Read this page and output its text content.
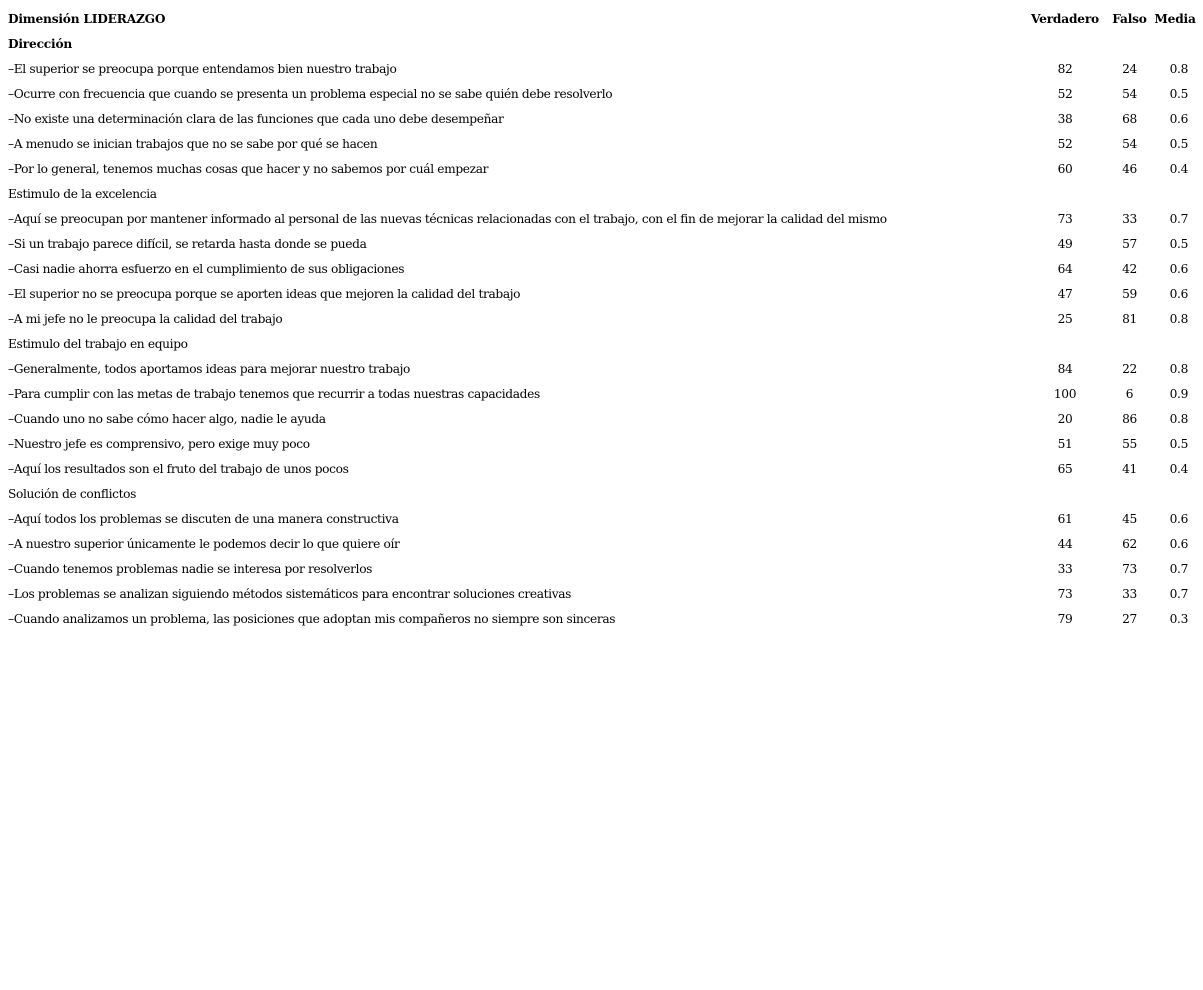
Dimensión LIDERAZGO	Verdadero	Falso	Media
Dirección			
–El superior se preocupa porque entendamos bien nuestro trabajo	82	24	0.8
–Ocurre con frecuencia que cuando se presenta un problema especial no se sabe quién debe resolverlo	52	54	0.5
–No existe una determinación clara de las funciones que cada uno debe desempeñar	38	68	0.6
–A menudo se inician trabajos que no se sabe por qué se hacen	52	54	0.5
–Por lo general, tenemos muchas cosas que hacer y no sabemos por cuál empezar	60	46	0.4
Estimulo de la excelencia			
–Aquí se preocupan por mantener informado al personal de las nuevas técnicas relacionadas con el trabajo, con el fin de mejorar la calidad del mismo	73	33	0.7
–Si un trabajo parece difícil, se retarda hasta donde se pueda	49	57	0.5
–Casi nadie ahorra esfuerzo en el cumplimiento de sus obligaciones	64	42	0.6
–El superior no se preocupa porque se aporten ideas que mejoren la calidad del trabajo	47	59	0.6
–A mi jefe no le preocupa la calidad del trabajo	25	81	0.8
Estimulo del trabajo en equipo			
–Generalmente, todos aportamos ideas para mejorar nuestro trabajo	84	22	0.8
–Para cumplir con las metas de trabajo tenemos que recurrir a todas nuestras capacidades	100	6	0.9
–Cuando uno no sabe cómo hacer algo, nadie le ayuda	20	86	0.8
–Nuestro jefe es comprensivo, pero exige muy poco	51	55	0.5
–Aquí los resultados son el fruto del trabajo de unos pocos	65	41	0.4
Solución de conflictos			
–Aquí todos los problemas se discuten de una manera constructiva	61	45	0.6
–A nuestro superior únicamente le podemos decir lo que quiere oír	44	62	0.6
–Cuando tenemos problemas nadie se interesa por resolverlos	33	73	0.7
–Los problemas se analizan siguiendo métodos sistemáticos para encontrar soluciones creativas	73	33	0.7
–Cuando analizamos un problema, las posiciones que adoptan mis compañeros no siempre son sinceras	79	27	0.3
